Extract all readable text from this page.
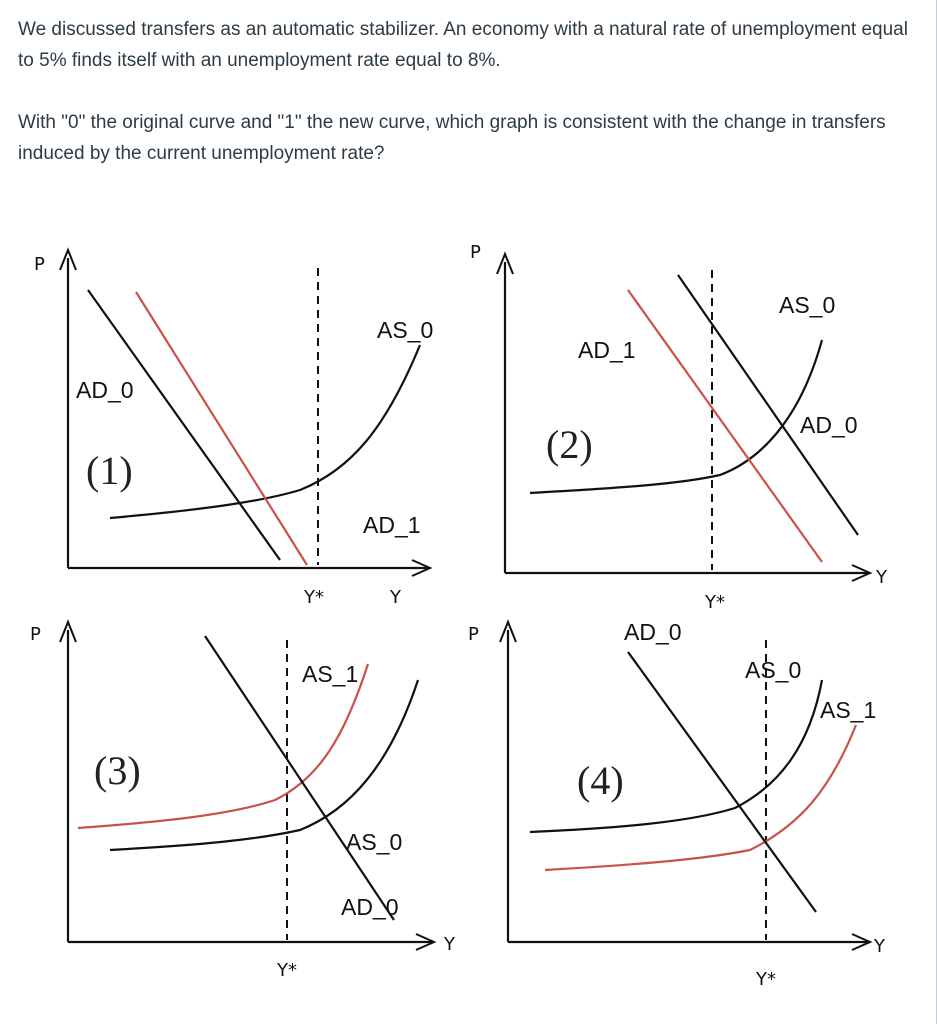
We discussed transfers as an automatic stabilizer. An economy with a natural rate of unemployment equal to 5% finds itself with an unemployment rate equal to 8%.

With "0" the original curve and "1" the new curve, which graph is consistent with the change in transfers induced by the current unemployment rate?

P
Y
Y*
AS_0
AD_0
AD_1
(1)
P
Y
Y*
AS_0
AD_0
AD_1
(2)
P
Y
Y*
AS_1
AS_0
AD_0
(3)
P
Y
Y*
AS_0
AS_1
AD_0
(4)
